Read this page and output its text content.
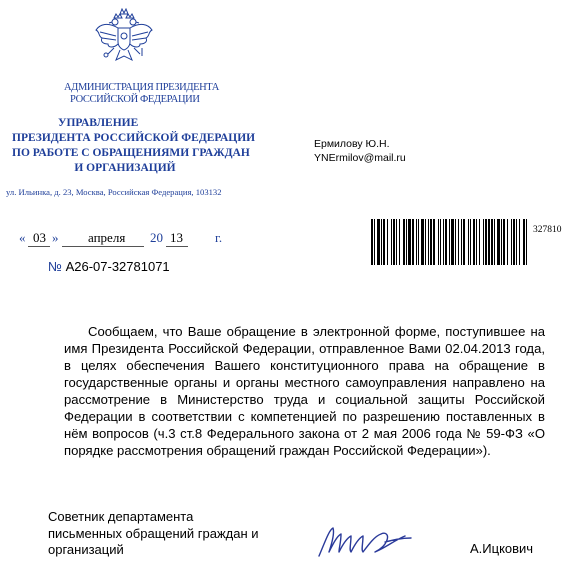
АДМИНИСТРАЦИЯ ПРЕЗИДЕНТА
РОССИЙСКОЙ ФЕДЕРАЦИИ
УПРАВЛЕНИЕ
ПРЕЗИДЕНТА РОССИЙСКОЙ ФЕДЕРАЦИИ
ПО РАБОТЕ С ОБРАЩЕНИЯМИ ГРАЖДАН
И ОРГАНИЗАЦИЙ
ул. Ильинка, д. 23, Москва, Российская Федерация, 103132
Ермилову Ю.Н.
YNErmilov@mail.ru
« 03 » апреля 20 13 г.	327810
№ А26-07-32781071
Сообщаем, что Ваше обращение в электронной форме, поступившее на
имя Президента Российской Федерации, отправленное Вами 02.04.2013 года,
в целях обеспечения Вашего конституционного права на обращение в
государственные органы и органы местного самоуправления направлено на
рассмотрение в Министерство труда и социальной защиты Российской
Федерации в соответствии с компетенцией по разрешению поставленных в
нём вопросов (ч.3 ст.8 Федерального закона от 2 мая 2006 года № 59-ФЗ «О
порядке рассмотрения обращений граждан Российской Федерации»).
Советник департамента
письменных обращений граждан и
организаций	А.Ицкович
